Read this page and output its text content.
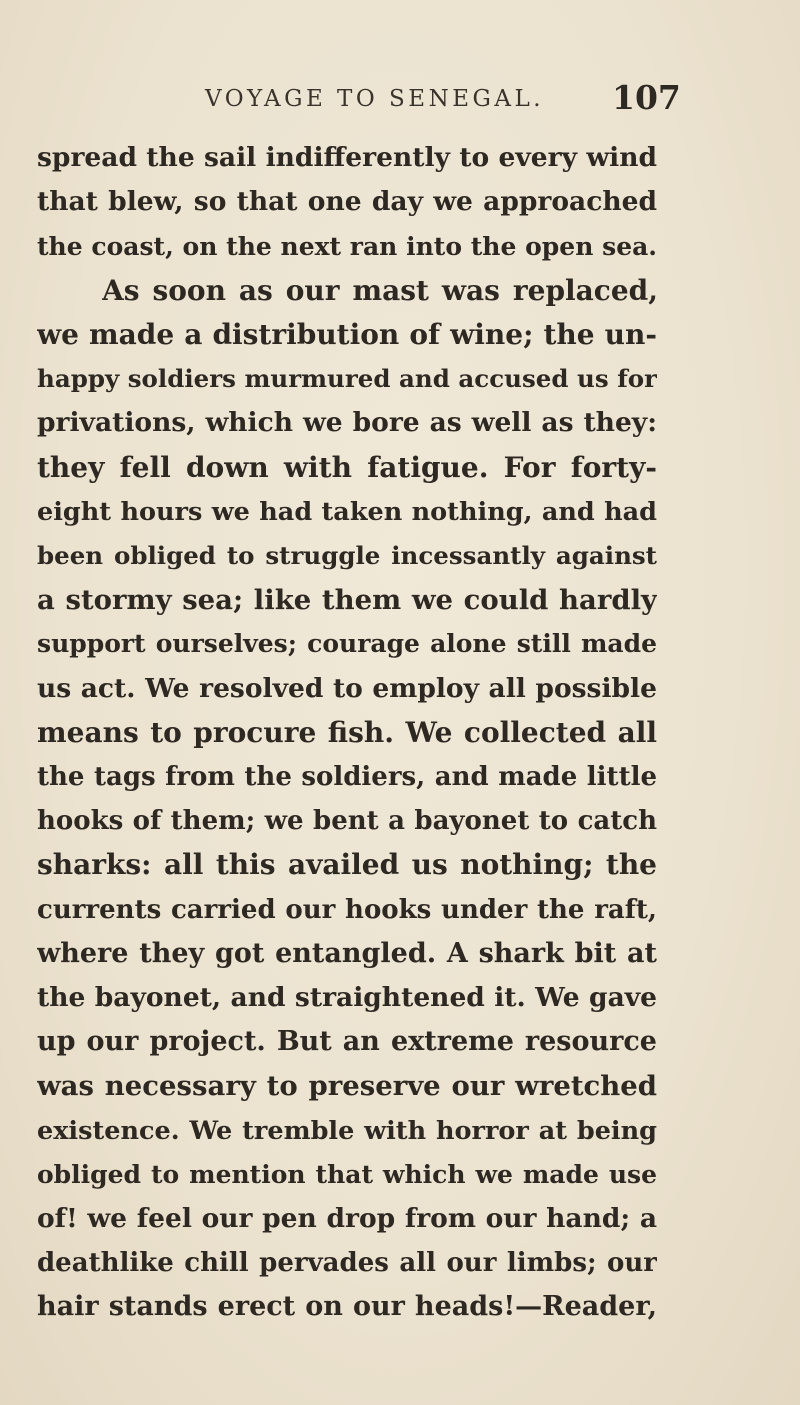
VOYAGE TO SENEGAL. 107
spread the sail indifferently to every wind
that blew, so that one day we approached
the coast, on the next ran into the open sea.
As soon as our mast was replaced,
we made a distribution of wine; the un-
happy soldiers murmured and accused us for
privations, which we bore as well as they:
they fell down with fatigue. For forty-
eight hours we had taken nothing, and had
been obliged to struggle incessantly against
a stormy sea; like them we could hardly
support ourselves; courage alone still made
us act. We resolved to employ all possible
means to procure fish. We collected all
the tags from the soldiers, and made little
hooks of them; we bent a bayonet to catch
sharks: all this availed us nothing; the
currents carried our hooks under the raft,
where they got entangled. A shark bit at
the bayonet, and straightened it. We gave
up our project. But an extreme resource
was necessary to preserve our wretched
existence. We tremble with horror at being
obliged to mention that which we made use
of! we feel our pen drop from our hand; a
deathlike chill pervades all our limbs; our
hair stands erect on our heads!—Reader,
